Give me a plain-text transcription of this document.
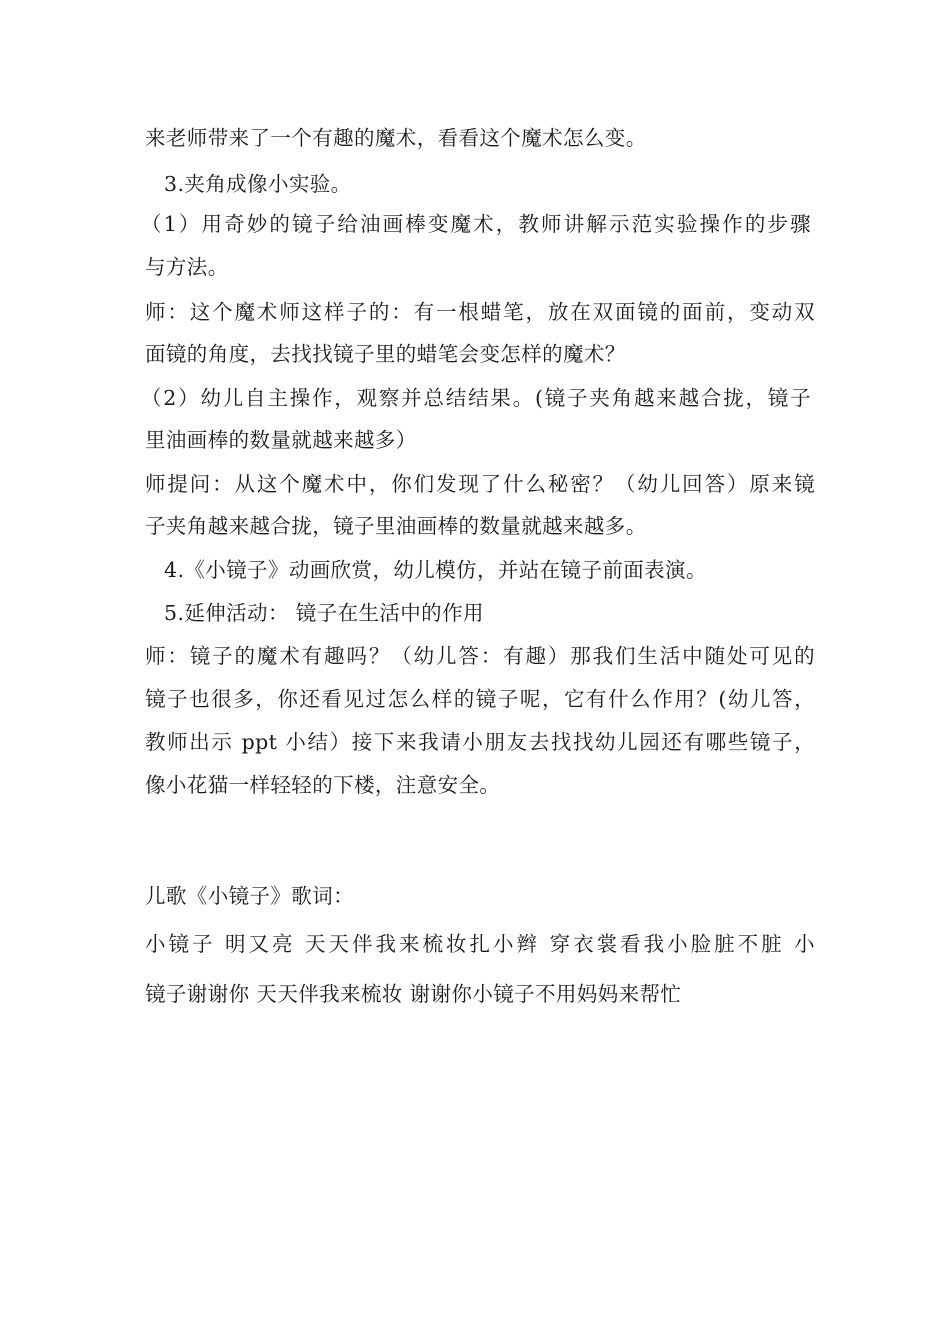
来老师带来了一个有趣的魔术，看看这个魔术怎么变。
3.夹角成像小实验。
（1）用奇妙的镜子给油画棒变魔术，教师讲解示范实验操作的步骤
与方法。
师：这个魔术师这样子的：有一根蜡笔，放在双面镜的面前，变动双
面镜的角度，去找找镜子里的蜡笔会变怎样的魔术？
（2）幼儿自主操作，观察并总结结果。(镜子夹角越来越合拢，镜子
里油画棒的数量就越来越多）
师提问：从这个魔术中，你们发现了什么秘密？（幼儿回答）原来镜
子夹角越来越合拢，镜子里油画棒的数量就越来越多。
4.《小镜子》动画欣赏，幼儿模仿，并站在镜子前面表演。
5.延伸活动： 镜子在生活中的作用
师：镜子的魔术有趣吗？（幼儿答：有趣）那我们生活中随处可见的
镜子也很多，你还看见过怎么样的镜子呢，它有什么作用？(幼儿答，
教师出示 ppt 小结）接下来我请小朋友去找找幼儿园还有哪些镜子，
像小花猫一样轻轻的下楼，注意安全。
儿歌《小镜子》歌词：
小镜子 明又亮 天天伴我来梳妆扎小辫 穿衣裳看我小脸脏不脏 小
镜子谢谢你 天天伴我来梳妆 谢谢你小镜子不用妈妈来帮忙
